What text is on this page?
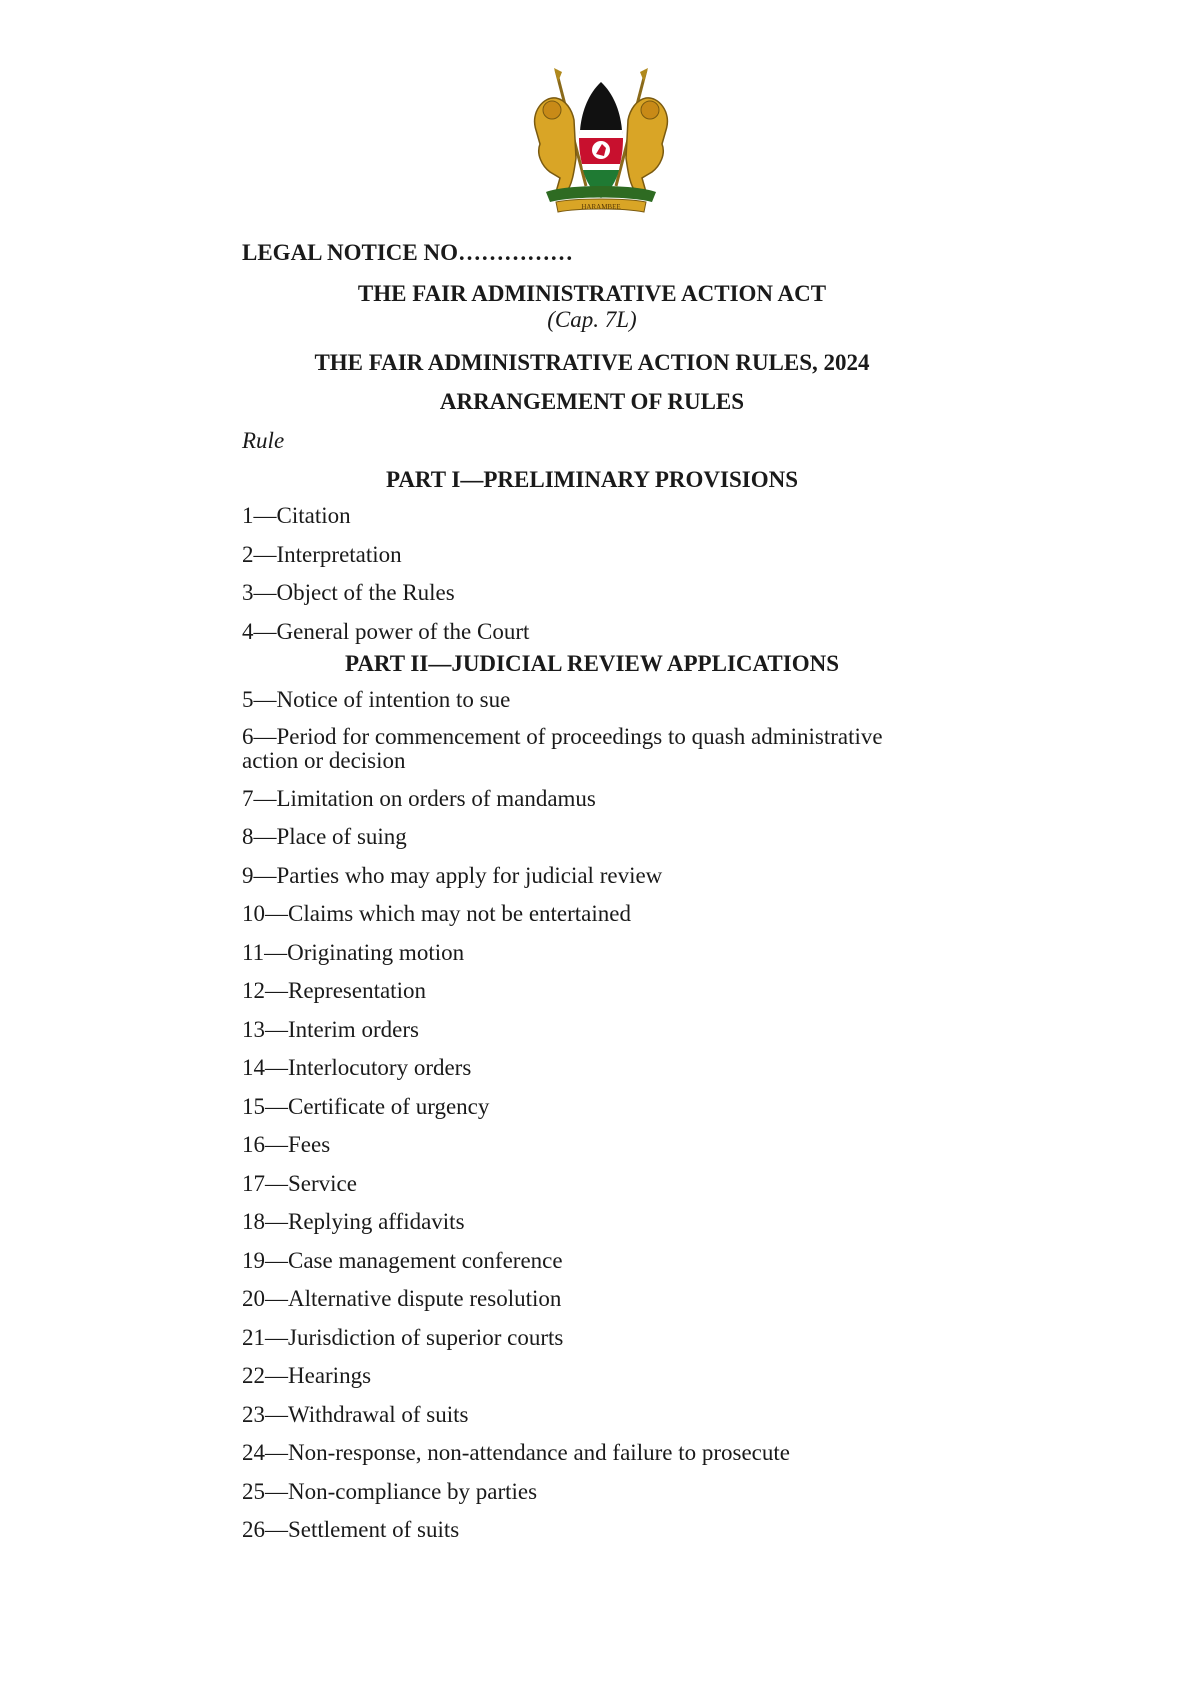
HARAMBEE

LEGAL NOTICE NO……………

THE FAIR ADMINISTRATIVE ACTION ACT

(Cap. 7L)

THE FAIR ADMINISTRATIVE ACTION RULES, 2024

ARRANGEMENT OF RULES

Rule

PART I—PRELIMINARY PROVISIONS

1—Citation
2—Interpretation
3—Object of the Rules
4—General power of the Court

PART II—JUDICIAL REVIEW APPLICATIONS

5—Notice of intention to sue
6—Period for commencement of proceedings to quash administrative action or decision
7—Limitation on orders of mandamus
8—Place of suing
9—Parties who may apply for judicial review
10—Claims which may not be entertained
11—Originating motion
12—Representation
13—Interim orders
14—Interlocutory orders
15—Certificate of urgency
16—Fees
17—Service
18—Replying affidavits
19—Case management conference
20—Alternative dispute resolution
21—Jurisdiction of superior courts
22—Hearings
23—Withdrawal of suits
24—Non-response, non-attendance and failure to prosecute
25—Non-compliance by parties
26—Settlement of suits
